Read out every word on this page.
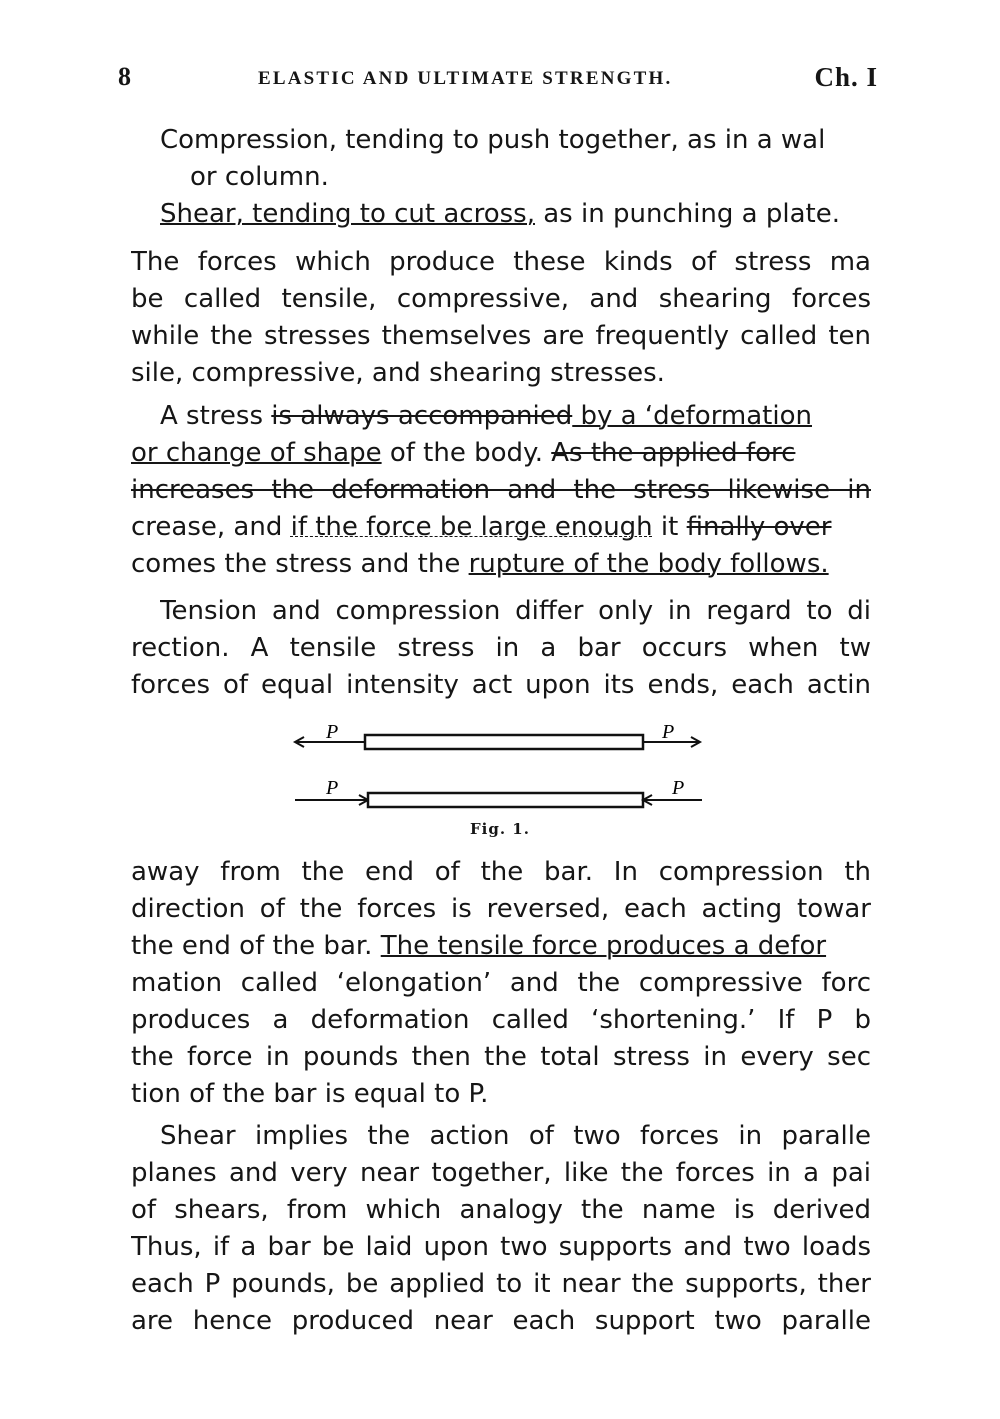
8	ELASTIC AND ULTIMATE STRENGTH.	Ch. I
Compression, tending to push together, as in a wal
or column.
Shear, tending to cut across, as in punching a plate.
The forces which produce these kinds of stress ma
be called tensile, compressive, and shearing forces
while the stresses themselves are frequently called ten
sile, compressive, and shearing stresses.
A stress is always accompanied by a ‘deformation
or change of shape of the body. As the applied forc
increases the deformation and the stress likewise in
crease, and if the force be large enough it finally over
comes the stress and the rupture of the body follows.
Tension and compression differ only in regard to di
rection. A tensile stress in a bar occurs when tw
forces of equal intensity act upon its ends, each actin
P	P
P	P
Fig. 1.
away from the end of the bar. In compression th
direction of the forces is reversed, each acting towar
the end of the bar. The tensile force produces a defor
mation called ‘elongation’ and the compressive forc
produces a deformation called ‘shortening.’ If P b
the force in pounds then the total stress in every sec
tion of the bar is equal to P.
Shear implies the action of two forces in paralle
planes and very near together, like the forces in a pai
of shears, from which analogy the name is derived
Thus, if a bar be laid upon two supports and two loads
each P pounds, be applied to it near the supports, ther
are hence produced near each support two paralle
